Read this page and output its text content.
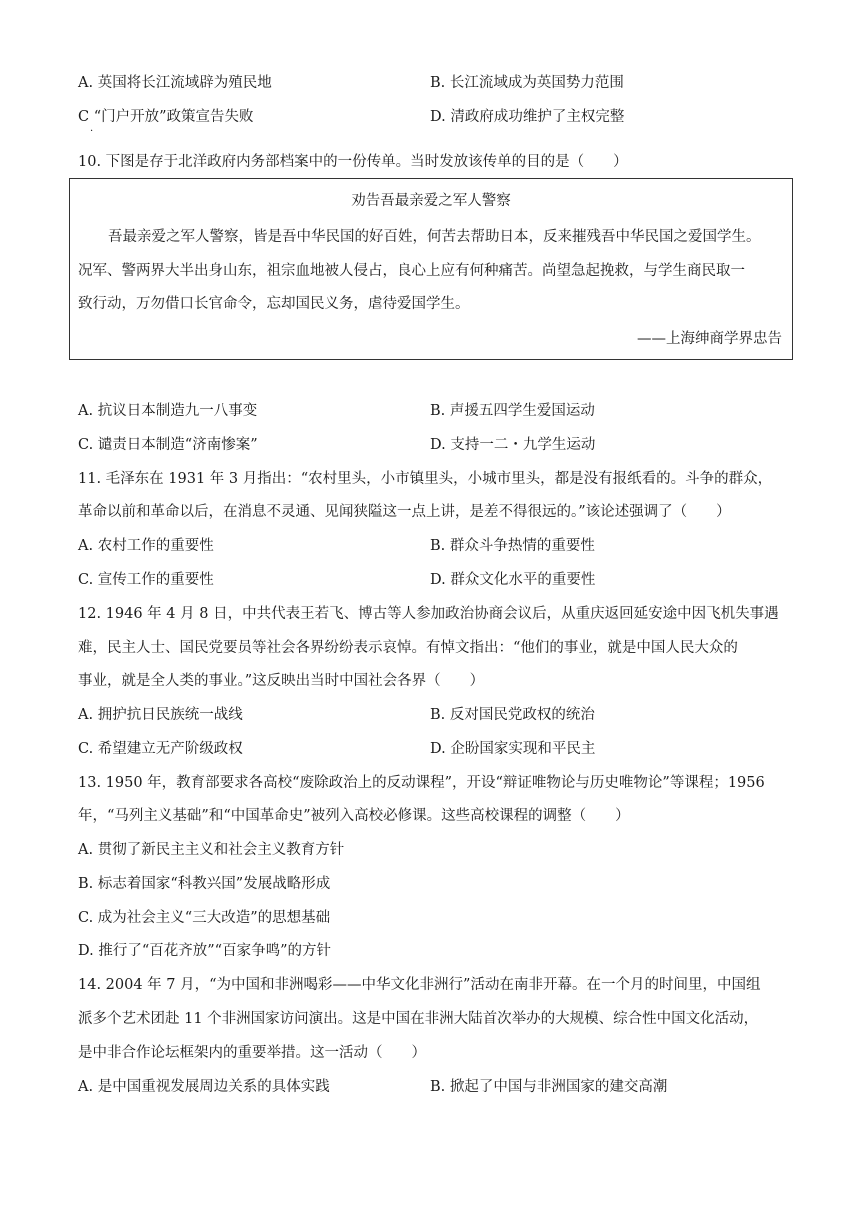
A. 英国将长江流域辟为殖民地	B. 长江流域成为英国势力范围
C “门户开放”政策宣告失败	D. 清政府成功维护了主权完整
·
10. 下图是存于北洋政府内务部档案中的一份传单。当时发放该传单的目的是（　　）
劝告吾最亲爱之军人警察
吾最亲爱之军人警察，皆是吾中华民国的好百姓，何苦去帮助日本，反来摧残吾中华民国之爱国学生。
况军、警两界大半出身山东，祖宗血地被人侵占，良心上应有何种痛苦。尚望急起挽救，与学生商民取一
致行动，万勿借口长官命令，忘却国民义务，虐待爱国学生。
——上海绅商学界忠告
A. 抗议日本制造九一八事变	B. 声援五四学生爱国运动
C. 谴责日本制造“济南惨案”	D. 支持一二・九学生运动
11. 毛泽东在 1931 年 3 月指出：“农村里头，小市镇里头，小城市里头，都是没有报纸看的。斗争的群众，
革命以前和革命以后，在消息不灵通、见闻狭隘这一点上讲，是差不得很远的。”该论述强调了（　　）
A. 农村工作的重要性	B. 群众斗争热情的重要性
C. 宣传工作的重要性	D. 群众文化水平的重要性
12. 1946 年 4 月 8 日，中共代表王若飞、博古等人参加政治协商会议后，从重庆返回延安途中因飞机失事遇
难，民主人士、国民党要员等社会各界纷纷表示哀悼。有悼文指出：“他们的事业，就是中国人民大众的
事业，就是全人类的事业。”这反映出当时中国社会各界（　　）
A. 拥护抗日民族统一战线	B. 反对国民党政权的统治
C. 希望建立无产阶级政权	D. 企盼国家实现和平民主
13. 1950 年，教育部要求各高校“废除政治上的反动课程”，开设“辩证唯物论与历史唯物论”等课程；1956
年，“马列主义基础”和“中国革命史”被列入高校必修课。这些高校课程的调整（　　）
A. 贯彻了新民主主义和社会主义教育方针
B. 标志着国家“科教兴国”发展战略形成
C. 成为社会主义“三大改造”的思想基础
D. 推行了“百花齐放”“百家争鸣”的方针
14. 2004 年 7 月，“为中国和非洲喝彩——中华文化非洲行”活动在南非开幕。在一个月的时间里，中国组
派多个艺术团赴 11 个非洲国家访问演出。这是中国在非洲大陆首次举办的大规模、综合性中国文化活动，
是中非合作论坛框架内的重要举措。这一活动（　　）
A. 是中国重视发展周边关系的具体实践	B. 掀起了中国与非洲国家的建交高潮
